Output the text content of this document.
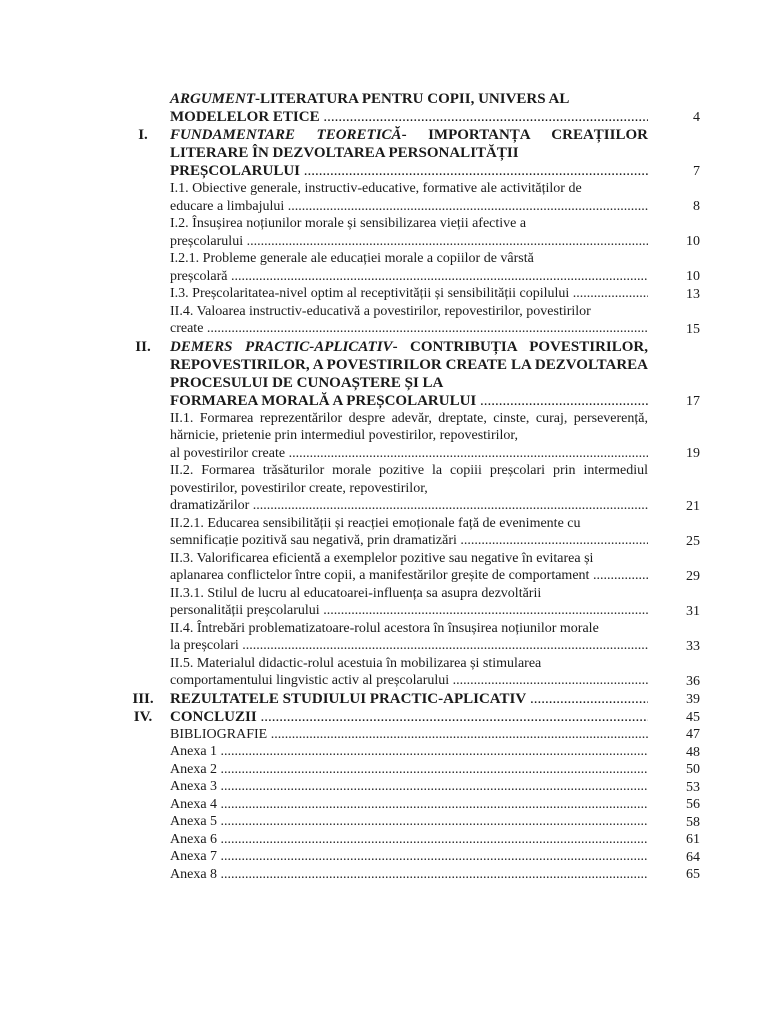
ARGUMENT-LITERATURA PENTRU COPII, UNIVERS AL
MODELELOR ETICE .....	4
I.	FUNDAMENTARE TEORETICĂ- IMPORTANȚA CREAȚIILOR LITERARE ÎN DEZVOLTAREA PERSONALITĂȚII
PREȘCOLARULUI .....	7
I.1. Obiective generale, instructiv-educative, formative ale activităților de
educare a limbajului .....	8
I.2. Însușirea noțiunilor morale și sensibilizarea vieții afective a
preșcolarului .....	10
I.2.1. Probleme generale ale educației morale a copiilor de vârstă
preșcolară .....	10
I.3. Preșcolaritatea-nivel optim al receptivității și sensibilității copilului .....	13
II.4. Valoarea instructiv-educativă a povestirilor, repovestirilor, povestirilor
create .....	15
II.	DEMERS PRACTIC-APLICATIV- CONTRIBUȚIA POVESTIRILOR, REPOVESTIRILOR, A POVESTIRILOR CREATE LA DEZVOLTAREA PROCESULUI DE CUNOAȘTERE ȘI LA
FORMAREA MORALĂ A PREȘCOLARULUI .....	17
II.1. Formarea reprezentărilor despre adevăr, dreptate, cinste, curaj, perseverență, hărnicie, prietenie prin intermediul povestirilor, repovestirilor,
al povestirilor create .....	19
II.2. Formarea trăsăturilor morale pozitive la copiii preșcolari prin intermediul povestirilor, povestirilor create, repovestirilor,
dramatizărilor .....	21
II.2.1. Educarea sensibilității și reacției emoționale față de evenimente cu
semnificație pozitivă sau negativă, prin dramatizări .....	25
II.3. Valorificarea eficientă a exemplelor pozitive sau negative în evitarea și
aplanarea conflictelor între copii, a manifestărilor greșite de comportament .....	29
II.3.1. Stilul de lucru al educatoarei-influența sa asupra dezvoltării
personalității preșcolarului .....	31
II.4. Întrebări problematizatoare-rolul acestora în însușirea noțiunilor morale
la preșcolari .....	33
II.5. Materialul didactic-rolul acestuia în mobilizarea și stimularea
comportamentului lingvistic activ al preșcolarului .....	36
III.	REZULTATELE STUDIULUI PRACTIC-APLICATIV .....	39
IV.	CONCLUZII .....	45
BIBLIOGRAFIE .....	47
Anexa 1 .....	48
Anexa 2 .....	50
Anexa 3 .....	53
Anexa 4 .....	56
Anexa 5 .....	58
Anexa 6 .....	61
Anexa 7 .....	64
Anexa 8 .....	65
